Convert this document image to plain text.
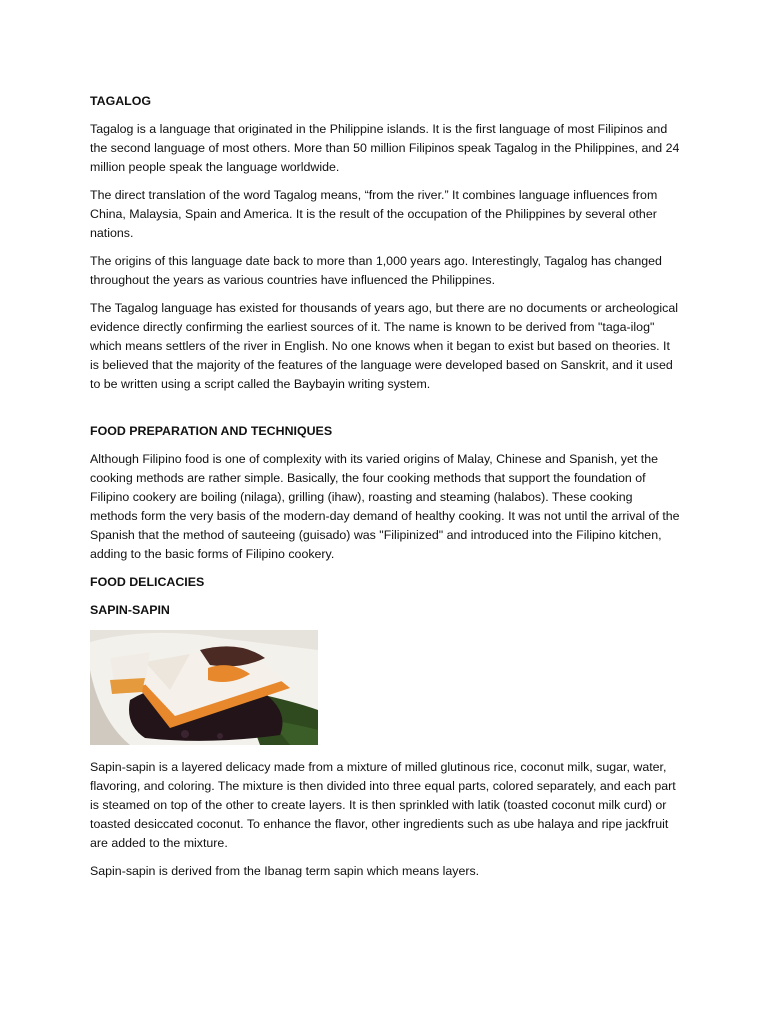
TAGALOG

Tagalog is a language that originated in the Philippine islands. It is the first language of most Filipinos and the second language of most others. More than 50 million Filipinos speak Tagalog in the Philippines, and 24 million people speak the language worldwide.

The direct translation of the word Tagalog means, “from the river.” It combines language influences from China, Malaysia, Spain and America. It is the result of the occupation of the Philippines by several other nations.

The origins of this language date back to more than 1,000 years ago. Interestingly, Tagalog has changed throughout the years as various countries have influenced the Philippines.

The Tagalog language has existed for thousands of years ago, but there are no documents or archeological evidence directly confirming the earliest sources of it. The name is known to be derived from "taga-ilog" which means settlers of the river in English. No one knows when it began to exist but based on theories. It is believed that the majority of the features of the language were developed based on Sanskrit, and it used to be written using a script called the Baybayin writing system.

FOOD PREPARATION AND TECHNIQUES

Although Filipino food is one of complexity with its varied origins of Malay, Chinese and Spanish, yet the cooking methods are rather simple. Basically, the four cooking methods that support the foundation of Filipino cookery are boiling (nilaga), grilling (ihaw), roasting and steaming (halabos). These cooking methods form the very basis of the modern-day demand of healthy cooking. It was not until the arrival of the Spanish that the method of sauteeing (guisado) was "Filipinized" and introduced into the Filipino kitchen, adding to the basic forms of Filipino cookery.

FOOD DELICACIES
SAPIN-SAPIN

Sapin-sapin is a layered delicacy made from a mixture of milled glutinous rice, coconut milk, sugar, water, flavoring, and coloring. The mixture is then divided into three equal parts, colored separately, and each part is steamed on top of the other to create layers. It is then sprinkled with latik (toasted coconut milk curd) or toasted desiccated coconut. To enhance the flavor, other ingredients such as ube halaya and ripe jackfruit are added to the mixture.

Sapin-sapin is derived from the Ibanag term sapin which means layers.
